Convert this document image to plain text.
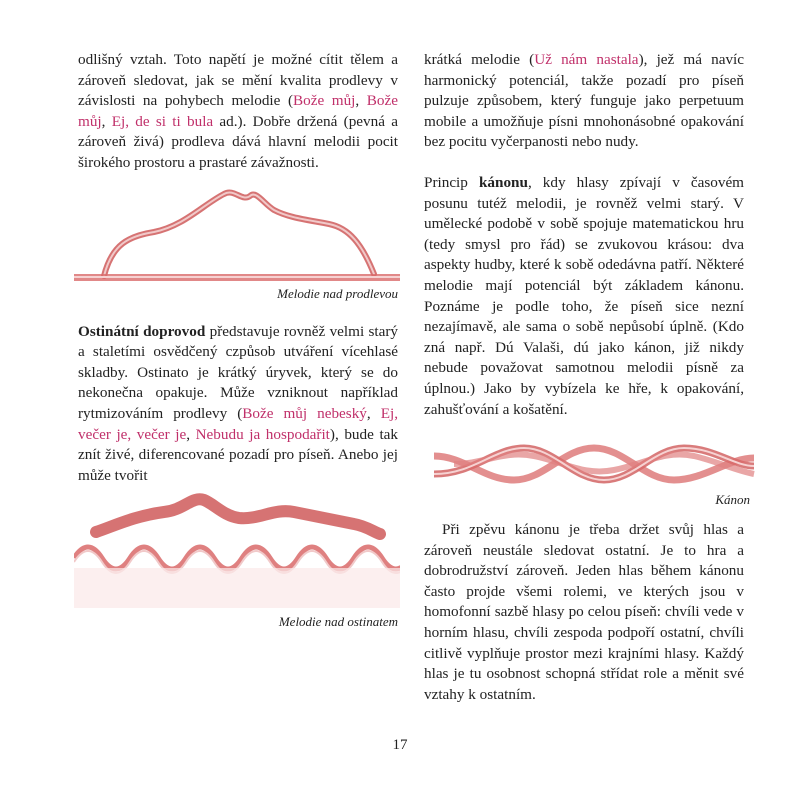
odlišný vztah. Toto napětí je možné cítit tělem a zároveň sledovat, jak se mění kvalita prodlevy v závislosti na pohybech melodie (Bože můj, Bože můj, Ej, de si ti bula ad.). Dobře držená (pevná a zároveň živá) prodleva dává hlavní melodii pocit širokého prostoru a prastaré závažnosti.

Melodie nad prodlevou

Ostinátní doprovod představuje rovněž velmi starý a staletími osvědčený czpůsob utváření vícehlasé skladby. Ostinato je krátký úryvek, který se do nekonečna opakuje. Může vzniknout například rytmizováním prodlevy (Bože můj nebeský, Ej, večer je, večer je, Nebudu ja hospodařit), bude tak znít živé, diferencované pozadí pro píseň. Anebo jej může tvořit

Melodie nad ostinatem

krátká melodie (Už nám nastala), jež má navíc harmonický potenciál, takže pozadí pro píseň pulzuje způsobem, který funguje jako perpetuum mobile a umožňuje písni mnohonásobné opakování bez pocitu vyčerpanosti nebo nudy.

Princip kánonu, kdy hlasy zpívají v časovém posunu tutéž melodii, je rovněž velmi starý. V umělecké podobě v sobě spojuje matematickou hru (tedy smysl pro řád) se zvukovou krásou: dva aspekty hudby, které k sobě odedávna patří. Některé melodie mají potenciál být základem kánonu. Poznáme je podle toho, že píseň sice nezní nezajímavě, ale sama o sobě nepůsobí úplně. (Kdo zná např. Dú Valaši, dú jako kánon, již nikdy nebude považovat samotnou melodii písně za úplnou.) Jako by vybízela ke hře, k opakování, zahušťování a košatění.

Kánon

Při zpěvu kánonu je třeba držet svůj hlas a zároveň neustále sledovat ostatní. Je to hra a dobrodružství zároveň. Jeden hlas během kánonu často projde všemi rolemi, ve kterých jsou v homofonní sazbě hlasy po celou píseň: chvíli vede v horním hlasu, chvíli zespoda podpoří ostatní, chvíli citlivě vyplňuje prostor mezi krajními hlasy. Každý hlas je tu osobnost schopná střídat role a měnit své vztahy k ostatním.

17
